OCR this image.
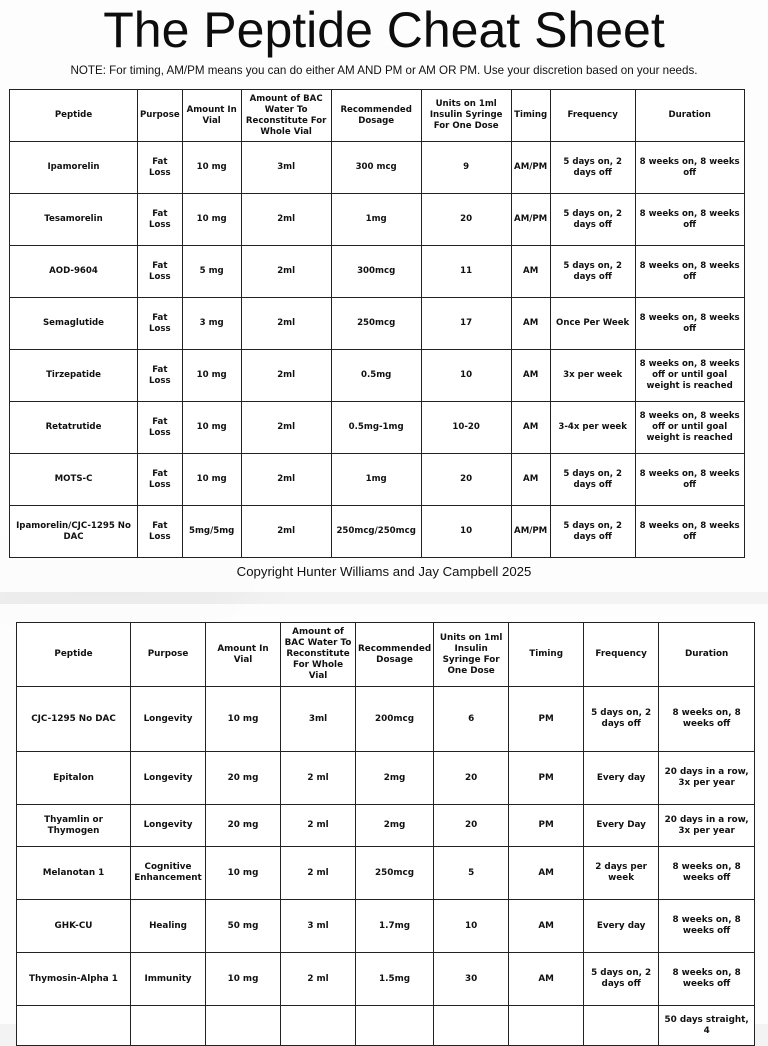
The Peptide Cheat Sheet
NOTE: For timing, AM/PM means you can do either AM AND PM or AM OR PM. Use your discretion based on your needs.
Peptide	Purpose	Amount In Vial	Amount of BAC Water To Reconstitute For Whole Vial	Recommended Dosage	Units on 1ml Insulin Syringe For One Dose	Timing	Frequency	Duration
Ipamorelin	Fat Loss	10 mg	3ml	300 mcg	9	AM/PM	5 days on, 2 days off	8 weeks on, 8 weeks off
Tesamorelin	Fat Loss	10 mg	2ml	1mg	20	AM/PM	5 days on, 2 days off	8 weeks on, 8 weeks off
AOD-9604	Fat Loss	5 mg	2ml	300mcg	11	AM	5 days on, 2 days off	8 weeks on, 8 weeks off
Semaglutide	Fat Loss	3 mg	2ml	250mcg	17	AM	Once Per Week	8 weeks on, 8 weeks off
Tirzepatide	Fat Loss	10 mg	2ml	0.5mg	10	AM	3x per week	8 weeks on, 8 weeks off or until goal weight is reached
Retatrutide	Fat Loss	10 mg	2ml	0.5mg-1mg	10-20	AM	3-4x per week	8 weeks on, 8 weeks off or until goal weight is reached
MOTS-C	Fat Loss	10 mg	2ml	1mg	20	AM	5 days on, 2 days off	8 weeks on, 8 weeks off
Ipamorelin/CJC-1295 No DAC	Fat Loss	5mg/5mg	2ml	250mcg/250mcg	10	AM/PM	5 days on, 2 days off	8 weeks on, 8 weeks off
Copyright Hunter Williams and Jay Campbell 2025
Peptide	Purpose	Amount In Vial	Amount of BAC Water To Reconstitute For Whole Vial	Recommended Dosage	Units on 1ml Insulin Syringe For One Dose	Timing	Frequency	Duration
CJC-1295 No DAC	Longevity	10 mg	3ml	200mcg	6	PM	5 days on, 2 days off	8 weeks on, 8 weeks off
Epitalon	Longevity	20 mg	2 ml	2mg	20	PM	Every day	20 days in a row, 3x per year
Thyamlin or Thymogen	Longevity	20 mg	2 ml	2mg	20	PM	Every Day	20 days in a row, 3x per year
Melanotan 1	Cognitive Enhancement	10 mg	2 ml	250mcg	5	AM	2 days per week	8 weeks on, 8 weeks off
GHK-CU	Healing	50 mg	3 ml	1.7mg	10	AM	Every day	8 weeks on, 8 weeks off
Thymosin-Alpha 1	Immunity	10 mg	2 ml	1.5mg	30	AM	5 days on, 2 days off	8 weeks on, 8 weeks off
								50 days straight, 4
